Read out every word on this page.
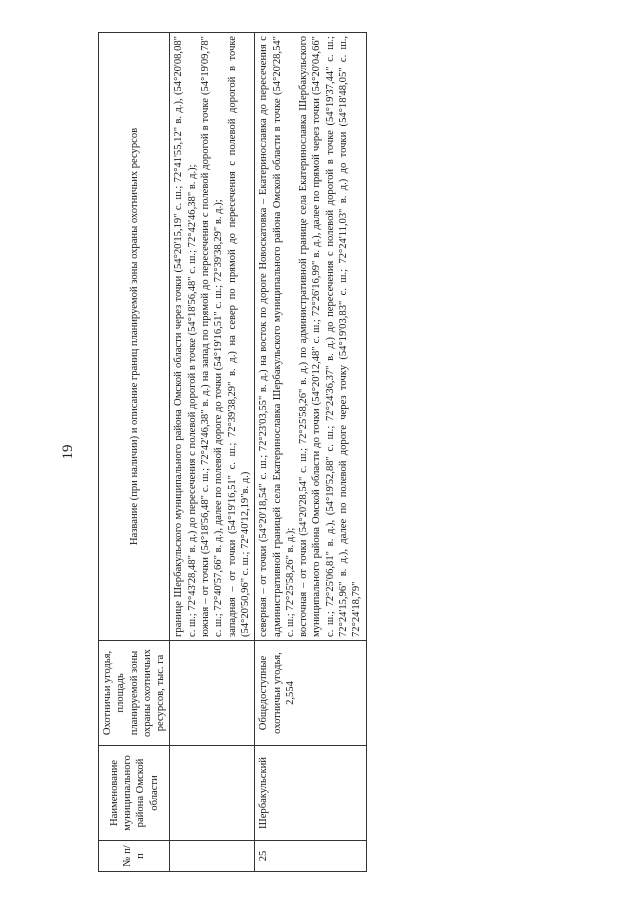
19
№ п/п	Наименование муниципального района Омской области	Охотничьи угодья, площадь планируемой зоны охраны охотничьих ресурсов, тыс. га	Название (при наличии) и описание границ планируемой зоны охраны охотничьих ресурсов

			границе Шербакульского муниципального района Омской области через точки (54°20'15,19" с. ш.; 72°41'55,12" в. д.), (54°20'08,08" с. ш.; 72°43'28,48" в. д.) до пересечения с полевой дорогой в точке (54°18'56,48" с. ш.; 72°42'46,38" в. д.); южная – от точки (54°18'56,48" с. ш.; 72°42'46,38" в. д.) на запад по прямой до пересечения с полевой дорогой в точке (54°19'09,78" с. ш.; 72°40'57,66" в. д.), далее по полевой дороге до точки (54°19'16,51" с. ш.; 72°39'38,29" в. д.); западная – от точки (54°19'16,51" с. ш.; 72°39'38,29" в. д.) на север по прямой до пересечения с полевой дорогой в точке (54°20'50,96" с. ш.; 72°40'12,19"в. д.)

25	Шербакульский	Общедоступные охотничьи угодья, 2,554	северная – от точки (54°20'18,54" с. ш.; 72°23'03,55" в. д.) на восток по дороге Новоскатовка – Екатеринославка до пересечения с административной границей села Екатеринославка Шербакульского муниципального района Омской области в точке (54°20'28,54" с. ш.; 72°25'58,26" в. д.); восточная – от точки (54°20'28,54" с. ш.; 72°25'58,26" в. д.) по административной границе села Екатеринославка Шербакульского муниципального района Омской области до точки (54°20'12,48" с. ш.; 72°26'16,99" в. д.), далее по прямой через точки (54°20'04,66" с. ш.; 72°25'06,81" в. д.), (54°19'52,88" с. ш.; 72°24'36,37" в. д.) до пересечения с полевой дорогой в точке (54°19'37,44" с. ш.; 72°24'15,96" в. д.), далее по полевой дороге через точку (54°19'03,83" с. ш.; 72°24'11,03" в. д.) до точки (54°18'48,05" с. ш., 72°24'18,79"
